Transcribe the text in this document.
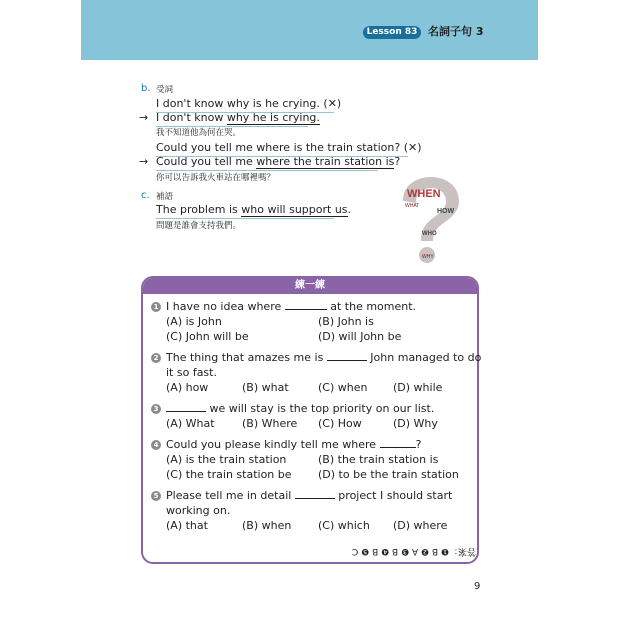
Lesson 83 名詞子句 3
b. 受詞
I don't know why is he crying. (✕)
→ I don't know why he is crying.
我不知道他為何在哭。
Could you tell me where is the train station? (✕)
→ Could you tell me where the train station is?
你可以告訴我火車站在哪裡嗎？
c. 補語
The problem is who will support us.
問題是誰會支持我們。
WHEN
HOW
WHO
WHAT
WHY
練一練
1 I have no idea where	at the moment.
(A) is John	(B) John is
(C) John will be	(D) will John be
2 The thing that amazes me is	John managed to do
it so fast.
(A) how	(B) what	(C) when (D) while
3	we will stay is the top priority on our list.
(A) What (B) Where (C) How	(D) Why
4 Could you please kindly tell me where	?
(A) is the train station	(B) the train station is
(C) the train station be (D) to be the train station
5 Please tell me in detail	project I should start
working on.
(A) that	(B) when (C) which (D) where
答案：❶ B ❷ A ❸ B ❹ B ❺ C
9
